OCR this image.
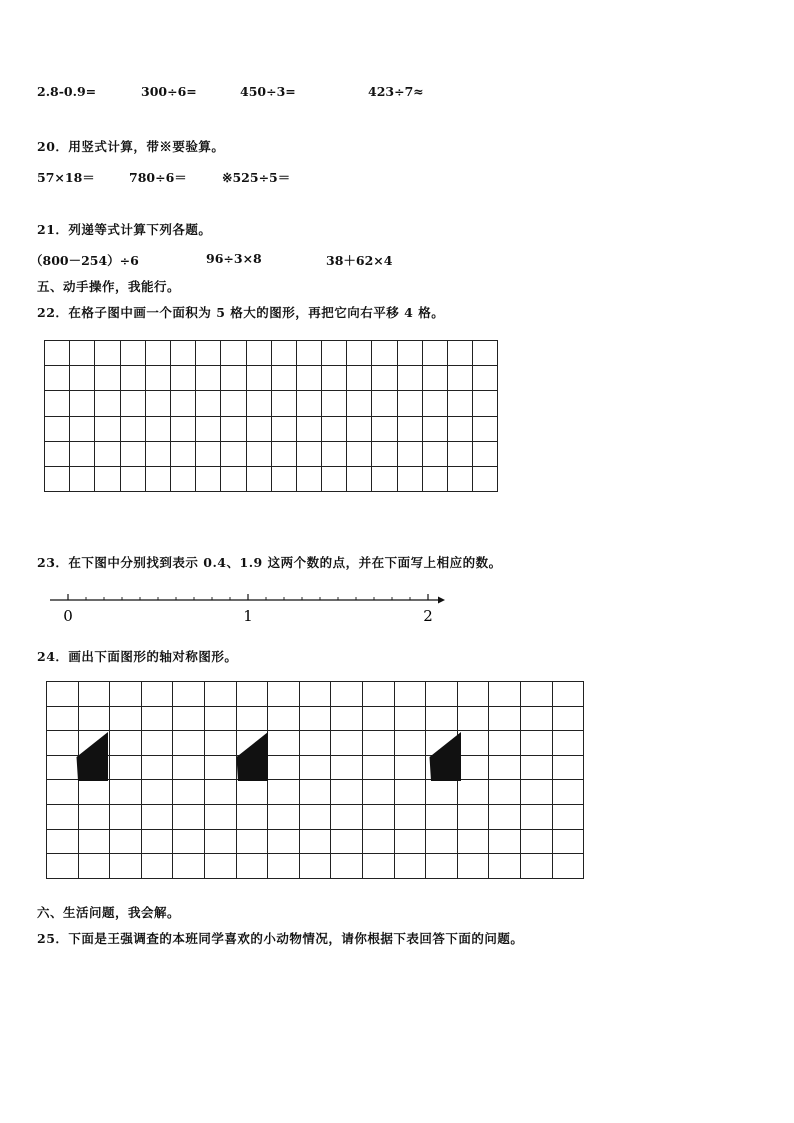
2.8-0.9=	300÷6=	450÷3=	423÷7≈
20．用竖式计算，带※要验算。
57×18＝	780÷6＝	※525÷5＝
21．列递等式计算下列各题。
（800－254）÷6	96÷3×8	38＋62×4
五、动手操作，我能行。
22．在格子图中画一个面积为 5 格大的图形，再把它向右平移 4 格。

23．在下图中分别找到表示 0.4、1.9 这两个数的点，并在下面写上相应的数。
0	1	2
24．画出下面图形的轴对称图形。

六、生活问题，我会解。
25．下面是王强调查的本班同学喜欢的小动物情况，请你根据下表回答下面的问题。
